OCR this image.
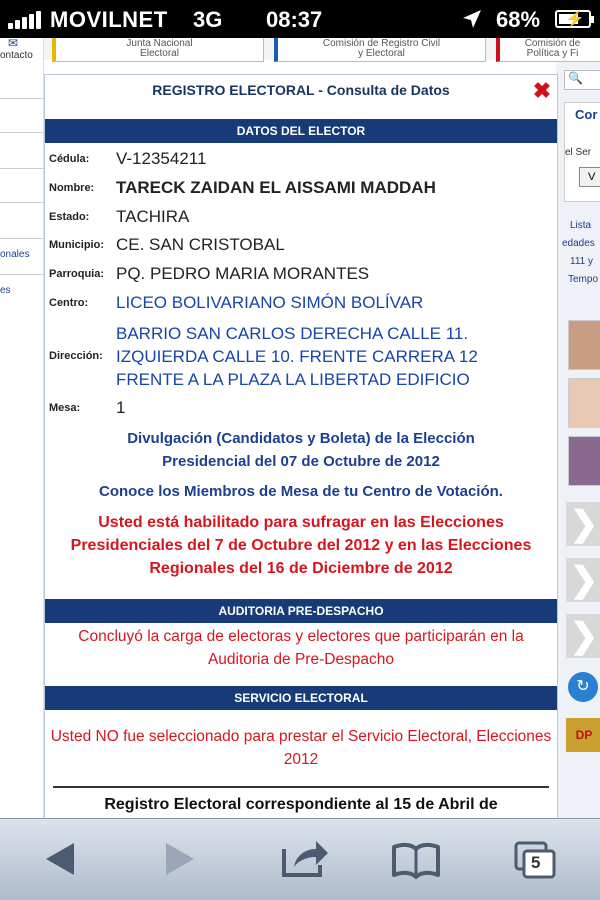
MOVILNET 3G 08:37	68% ⚡
Junta Nacional
Electoral
Comisión de Registro Civil
y Electoral
Comisión de
Política y Fi
✉
ontacto
onales
es
🔍
Cor
el Ser
V
Lista
edades
111 y
Tempo
❯
❯
❯
↻
DP
REGISTRO ELECTORAL - Consulta de Datos	✖
DATOS DEL ELECTOR
Cédula: V-12354211
Nombre: TARECK ZAIDAN EL AISSAMI MADDAH
Estado: TACHIRA
Municipio: CE. SAN CRISTOBAL
Parroquia: PQ. PEDRO MARIA MORANTES
Centro: LICEO BOLIVARIANO SIMÓN BOLÍVAR
Dirección:
BARRIO SAN CARLOS DERECHA CALLE 11. IZQUIERDA CALLE 10. FRENTE CARRERA 12 FRENTE A LA PLAZA LA LIBERTAD EDIFICIO
Mesa: 1
Divulgación (Candidatos y Boleta) de la Elección Presidencial del 07 de Octubre de 2012
Conoce los Miembros de Mesa de tu Centro de Votación.
Usted está habilitado para sufragar en las Elecciones Presidenciales del 7 de Octubre del 2012 y en las Elecciones Regionales del 16 de Diciembre de 2012
AUDITORIA PRE-DESPACHO
Concluyó la carga de electoras y electores que participarán en la Auditoria de Pre-Despacho
SERVICIO ELECTORAL
Usted NO fue seleccionado para prestar el Servicio Electoral, Elecciones 2012
Registro Electoral correspondiente al 15 de Abril de
5
